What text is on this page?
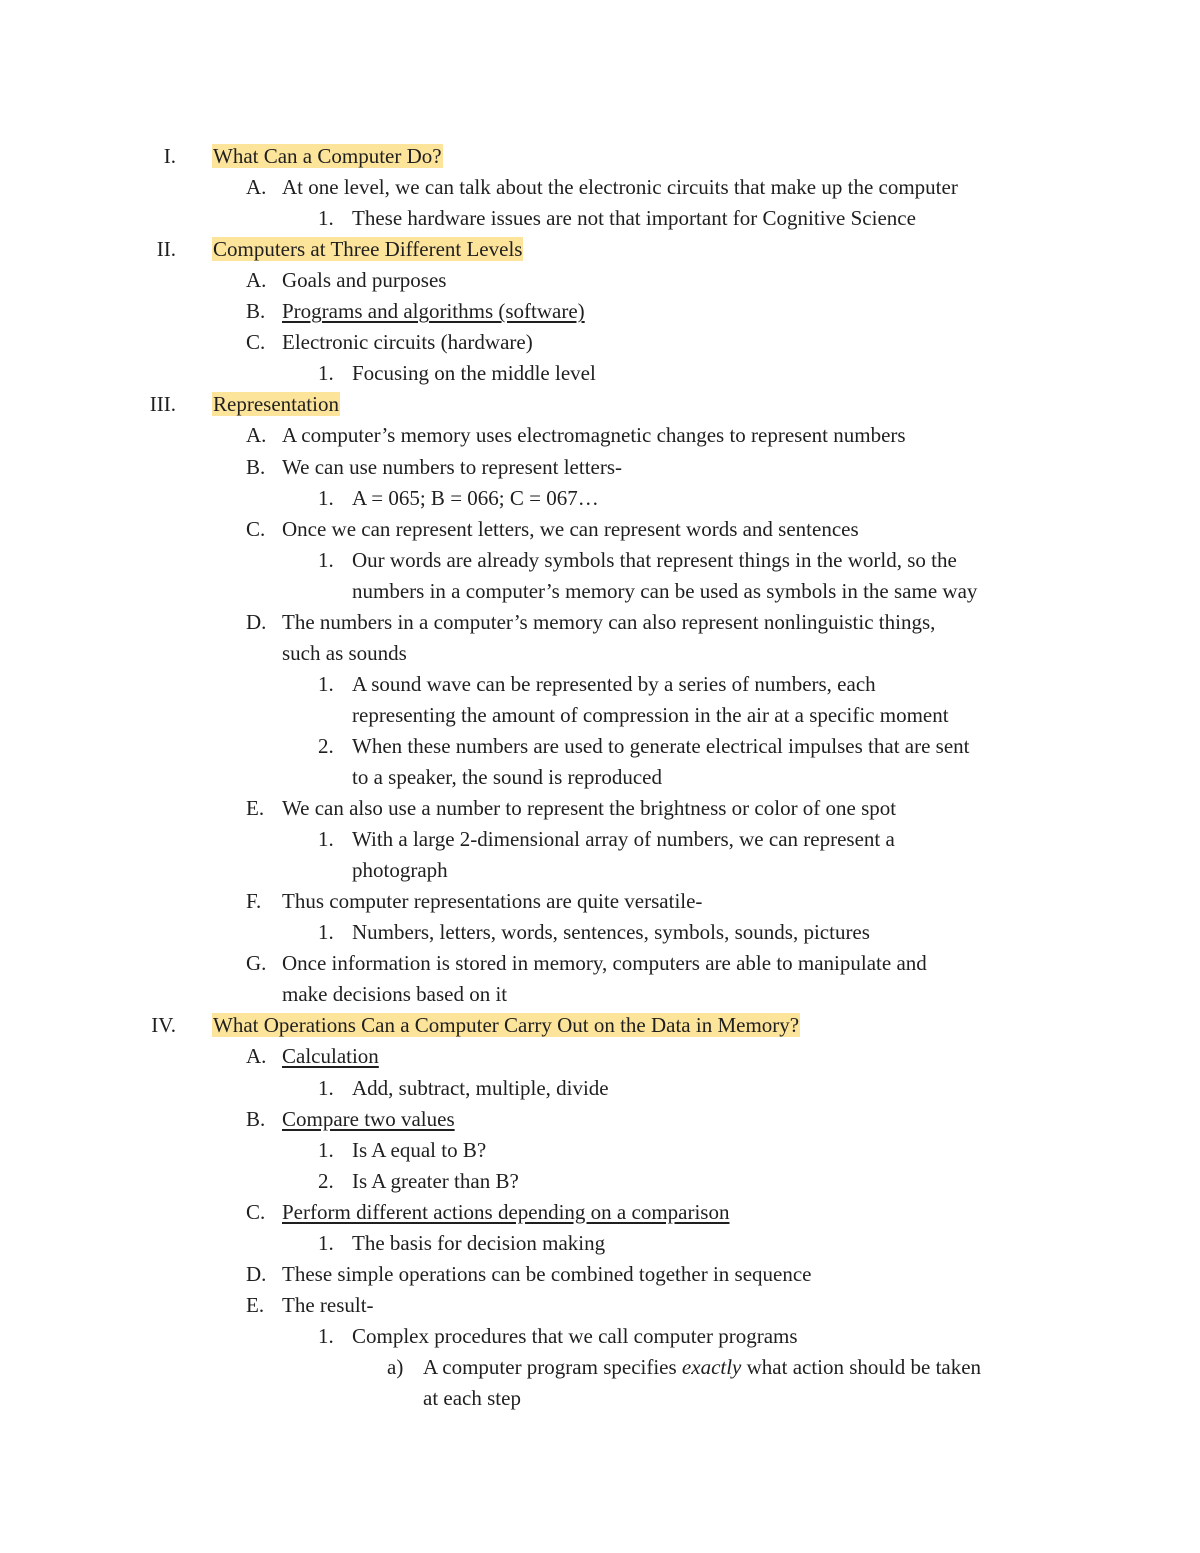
I. What Can a Computer Do?
A. At one level, we can talk about the electronic circuits that make up the computer
1. These hardware issues are not that important for Cognitive Science
II. Computers at Three Different Levels
A. Goals and purposes
B. Programs and algorithms (software)
C. Electronic circuits (hardware)
1. Focusing on the middle level
III. Representation
A. A computer’s memory uses electromagnetic changes to represent numbers
B. We can use numbers to represent letters-
1. A = 065; B = 066; C = 067…
C. Once we can represent letters, we can represent words and sentences
1. Our words are already symbols that represent things in the world, so the
numbers in a computer’s memory can be used as symbols in the same way
D. The numbers in a computer’s memory can also represent nonlinguistic things,
such as sounds
1. A sound wave can be represented by a series of numbers, each
representing the amount of compression in the air at a specific moment
2. When these numbers are used to generate electrical impulses that are sent
to a speaker, the sound is reproduced
E. We can also use a number to represent the brightness or color of one spot
1. With a large 2-dimensional array of numbers, we can represent a
photograph
F. Thus computer representations are quite versatile-
1. Numbers, letters, words, sentences, symbols, sounds, pictures
G. Once information is stored in memory, computers are able to manipulate and
make decisions based on it
IV. What Operations Can a Computer Carry Out on the Data in Memory?
A. Calculation
1. Add, subtract, multiple, divide
B. Compare two values
1. Is A equal to B?
2. Is A greater than B?
C. Perform different actions depending on a comparison
1. The basis for decision making
D. These simple operations can be combined together in sequence
E. The result-
1. Complex procedures that we call computer programs
a) A computer program specifies exactly what action should be taken
at each step
